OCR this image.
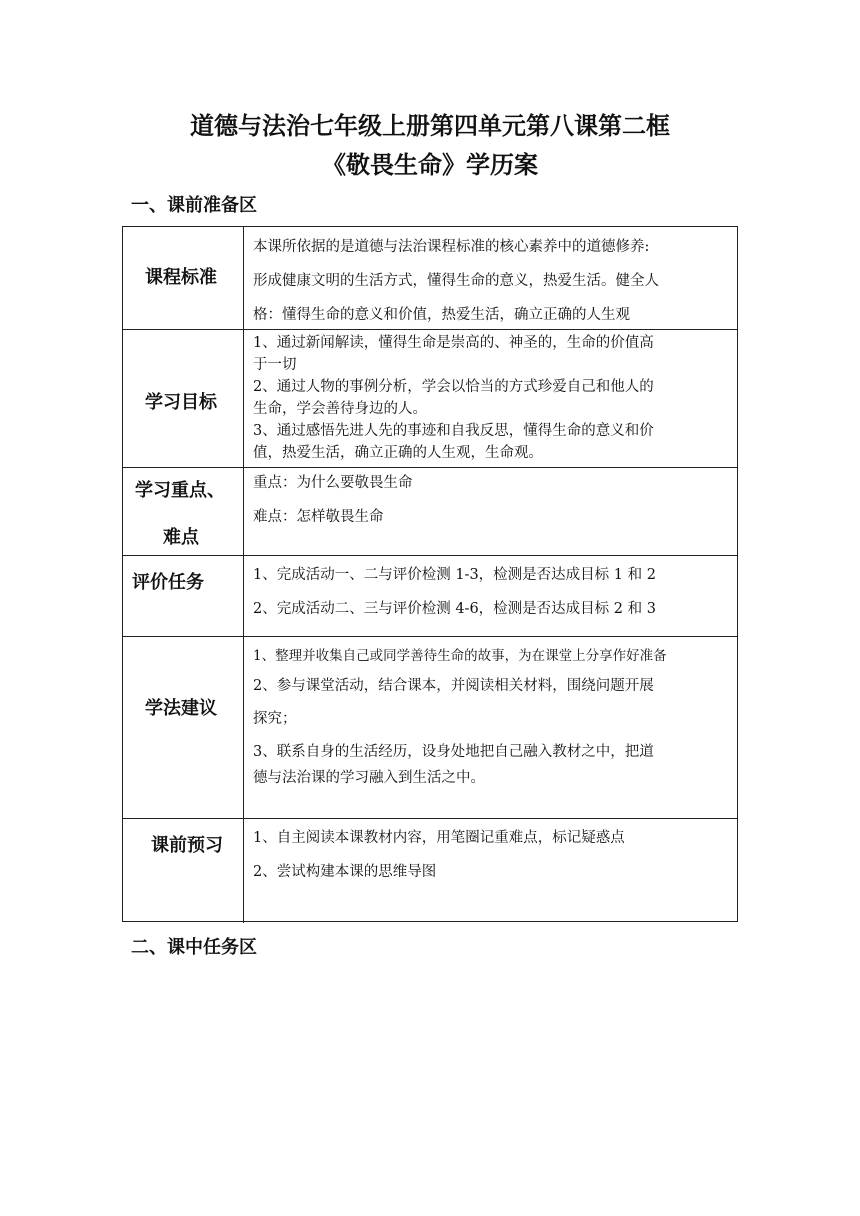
道德与法治七年级上册第四单元第八课第二框
《敬畏生命》学历案
一、课前准备区
课程标准

本课所依据的是道德与法治课程标准的核心素养中的道德修养:

形成健康文明的生活方式，懂得生命的意义，热爱生活。健全人

格：懂得生命的意义和价值，热爱生活，确立正确的人生观

学习目标

1、通过新闻解读，懂得生命是崇高的、神圣的，生命的价值高

于一切

2、通过人物的事例分析，学会以恰当的方式珍爱自己和他人的

生命，学会善待身边的人。

3、通过感悟先进人先的事迹和自我反思，懂得生命的意义和价

值，热爱生活，确立正确的人生观，生命观。

学习重点、
难点

重点：为什么要敬畏生命

难点：怎样敬畏生命

评价任务	1、完成活动一、二与评价检测 1-3，检测是否达成目标 1 和 2

2、完成活动二、三与评价检测 4-6，检测是否达成目标 2 和 3

学法建议

1、整理并收集自己或同学善待生命的故事，为在课堂上分享作好准备

2、参与课堂活动，结合课本，并阅读相关材料，围绕问题开展

探究；

3、联系自身的生活经历，设身处地把自己融入教材之中，把道

德与法治课的学习融入到生活之中。

课前预习 1、自主阅读本课教材内容，用笔圈记重难点，标记疑惑点

2、尝试构建本课的思维导图

二、课中任务区
